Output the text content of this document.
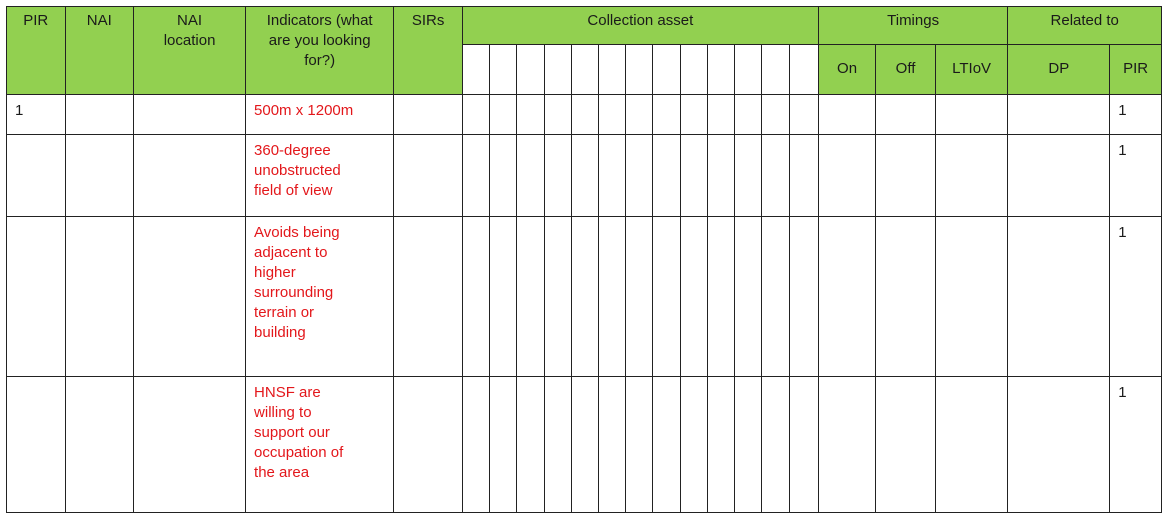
PIR	NAI	NAI location	Indicators (what are you looking for?)	SIRs	Collection asset													Timings			Related to	
																		On	Off	LTIoV	DP	PIR
1			500m x 1200m																			1
			360-degree unobstructed field of view																			1
			Avoids being adjacent to higher surrounding terrain or building																			1
			HNSF are willing to support our occupation of the area																			1
